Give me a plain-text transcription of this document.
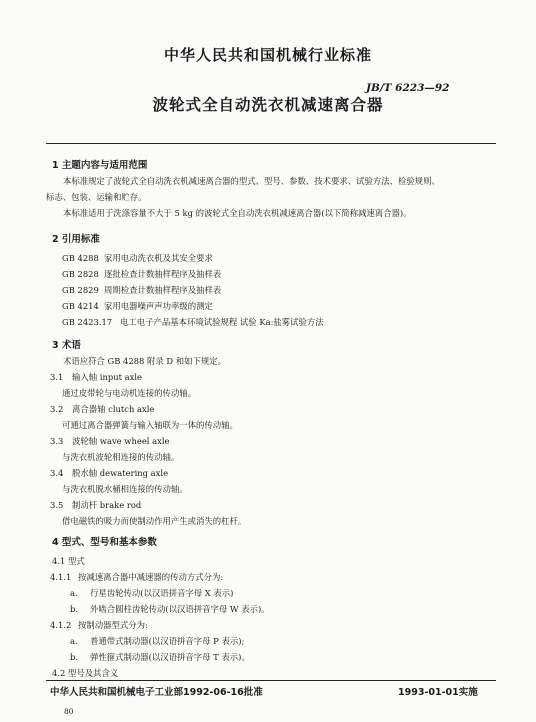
中华人民共和国机械行业标准
JB/T 6223—92
波轮式全自动洗衣机减速离合器
1 主题内容与适用范围
本标准规定了波轮式全自动洗衣机减速离合器的型式、型号、参数、技术要求、试验方法、检验规则、
标志、包装、运输和贮存。
本标准适用于洗涤容量不大于 5 kg 的波轮式全自动洗衣机减速离合器(以下简称减速离合器)。
2 引用标准
GB 4288 家用电动洗衣机及其安全要求
GB 2828 逐批检查计数抽样程序及抽样表
GB 2829 周期检查计数抽样程序及抽样表
GB 4214 家用电器噪声声功率级的测定
GB 2423.17 电工电子产品基本环境试验规程 试验 Ka:盐雾试验方法
3 术语
术语应符合 GB 4288 附录 D 和如下规定。
3.1 输入轴 input axle
通过皮带轮与电动机连接的传动轴。
3.2 离合器轴 clutch axle
可通过离合器弹簧与输入轴联为一体的传动轴。
3.3 波轮轴 wave wheel axle
与洗衣机波轮相连接的传动轴。
3.4 脱水轴 dewatering axle
与洗衣机脱水桶相连接的传动轴。
3.5 制动杆 brake rod
借电磁铁的吸力而使制动作用产生或消失的杠杆。
4 型式、型号和基本参数
4.1 型式
4.1.1 按减速离合器中减速器的传动方式分为:
a. 行星齿轮传动(以汉语拼音字母 X 表示)
b. 外啮合圆柱齿轮传动(以汉语拼音字母 W 表示)。
4.1.2 按制动器型式分为:
a. 普通带式制动器(以汉语拼音字母 P 表示);
b. 弹性箍式制动器(以汉语拼音字母 T 表示)。
4.2 型号及其含义
中华人民共和国机械电子工业部1992-06-16批准	1993-01-01实施
80
